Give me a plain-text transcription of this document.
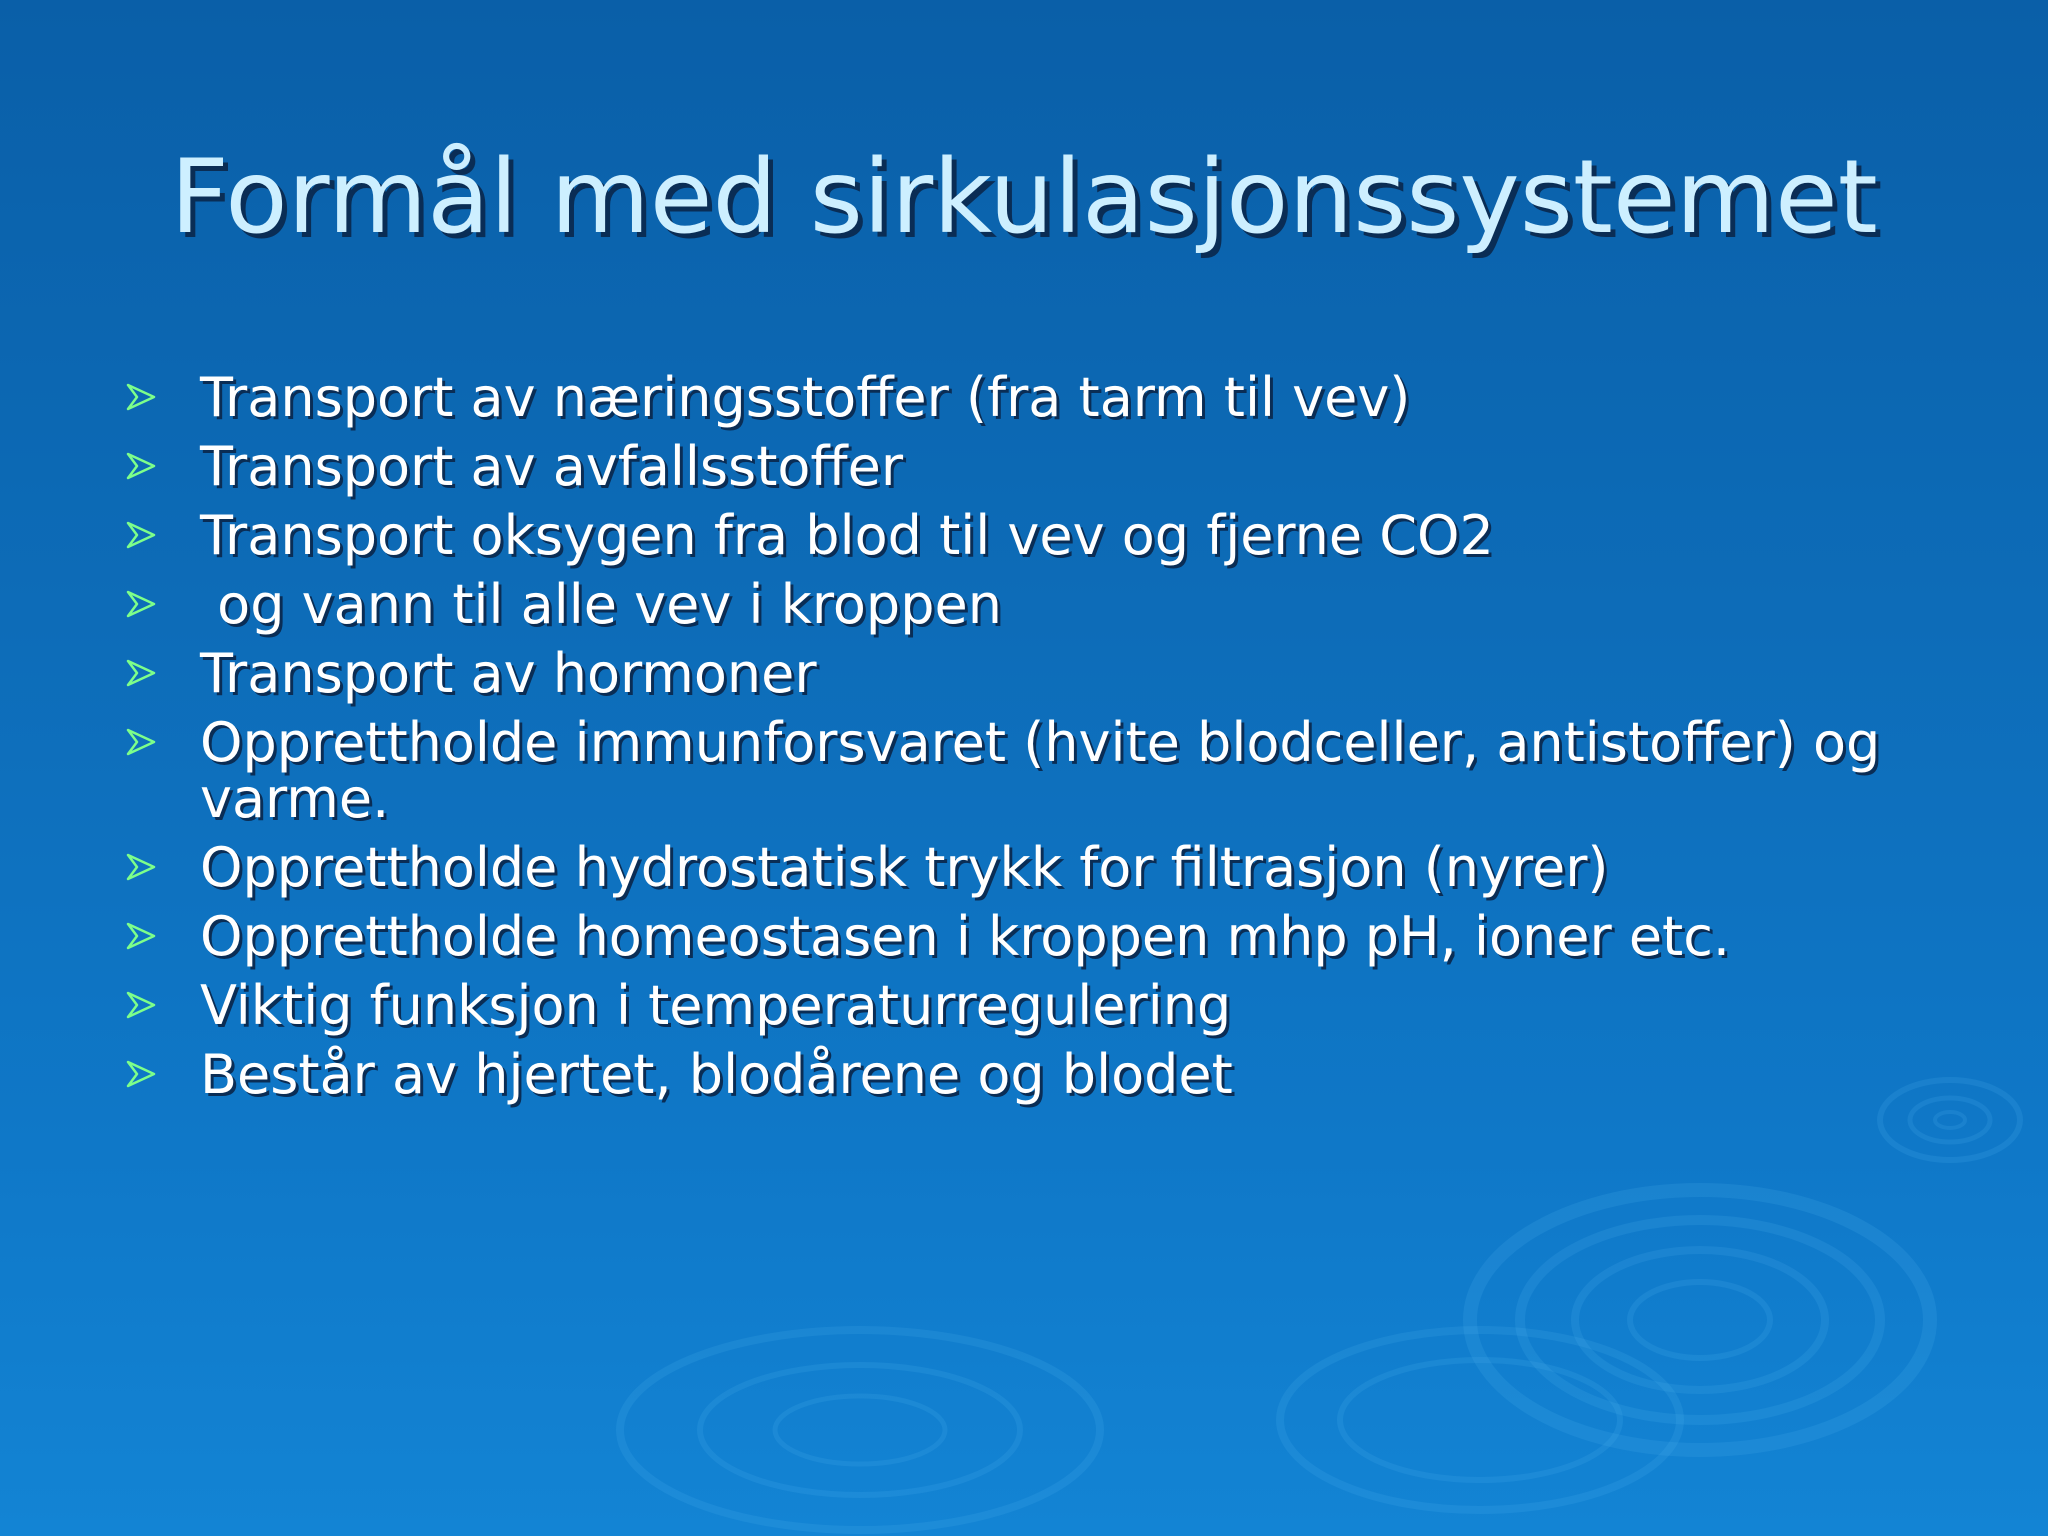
Formål med sirkulasjonssystemet
Transport av næringsstoffer (fra tarm til vev)
Transport av avfallsstoffer
Transport oksygen fra blod til vev og fjerne CO2
og vann til alle vev i kroppen
Transport av hormoner
Opprettholde immunforsvaret (hvite blodceller, antistoffer) og varme.
Opprettholde hydrostatisk trykk for filtrasjon (nyrer)
Opprettholde homeostasen i kroppen mhp pH, ioner etc.
Viktig funksjon i temperaturregulering
Består av hjertet, blodårene og blodet
